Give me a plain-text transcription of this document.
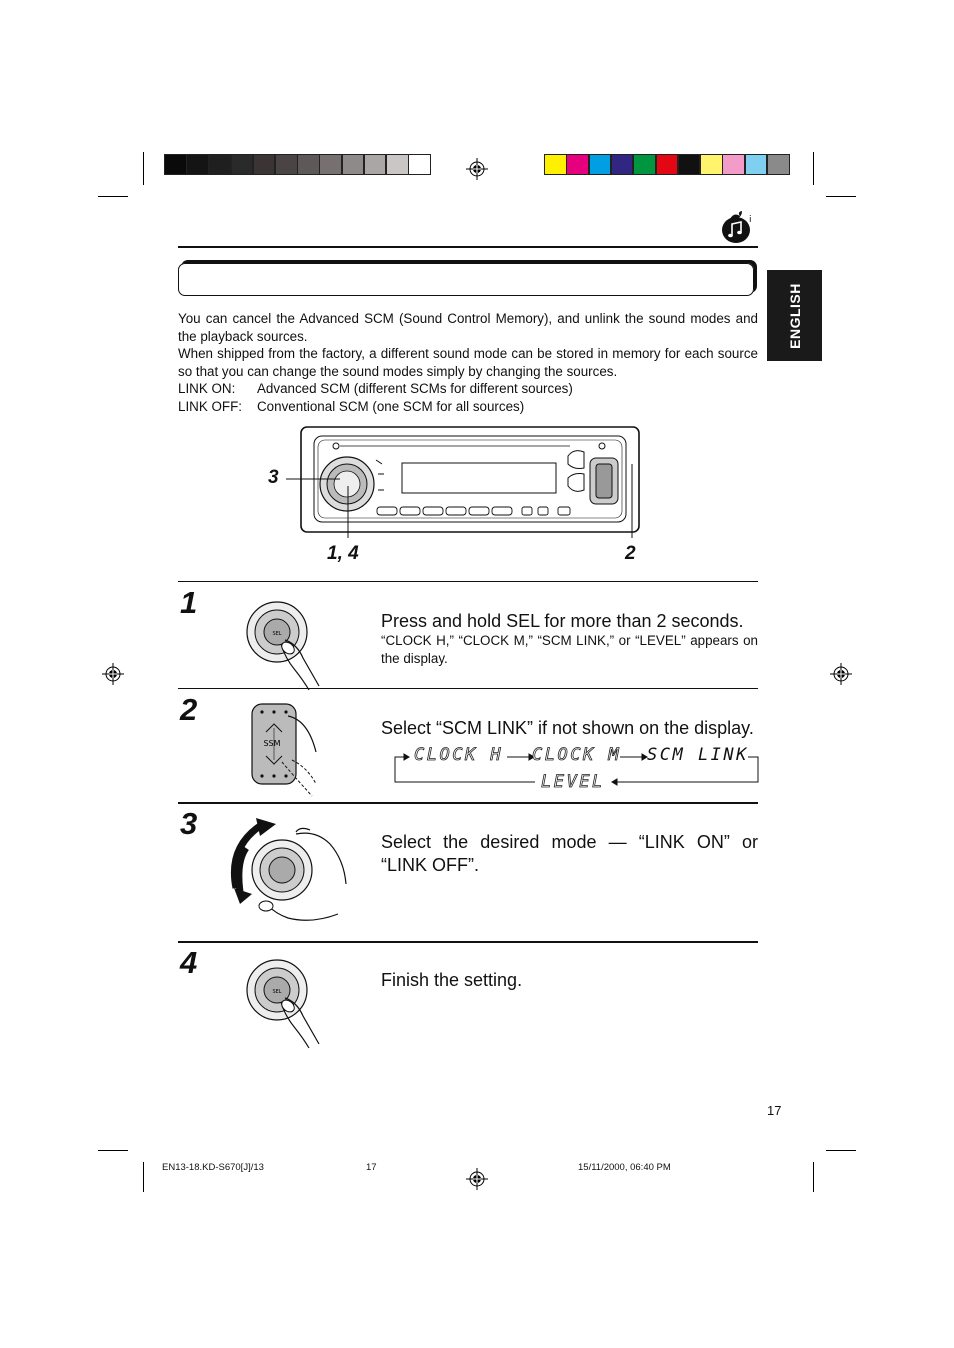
i
ENGLISH

You can cancel the Advanced SCM (Sound Control Memory), and unlink the sound modes and the playback sources.

When shipped from the factory, a different sound mode can be stored in memory for each source so that you can change the sound modes simply by changing the sources.

LINK ON:	Advanced SCM (different SCMs for different sources)
LINK OFF:	Conventional SCM (one SCM for all sources)
3
1, 4	2
1
SEL
Press and hold SEL for more than 2 seconds.
“CLOCK H,” “CLOCK M,” “SCM LINK,” or “LEVEL” appears on the display.
2
SSM
Select “SCM LINK” if not shown on the display.
CLOCK H CLOCK M SCM LINK
LEVEL
3
Select the desired mode — “LINK ON” or “LINK OFF”.
4
SEL
Finish the setting.
17
EN13-18.KD-S670[J]/13	17	15/11/2000, 06:40 PM
